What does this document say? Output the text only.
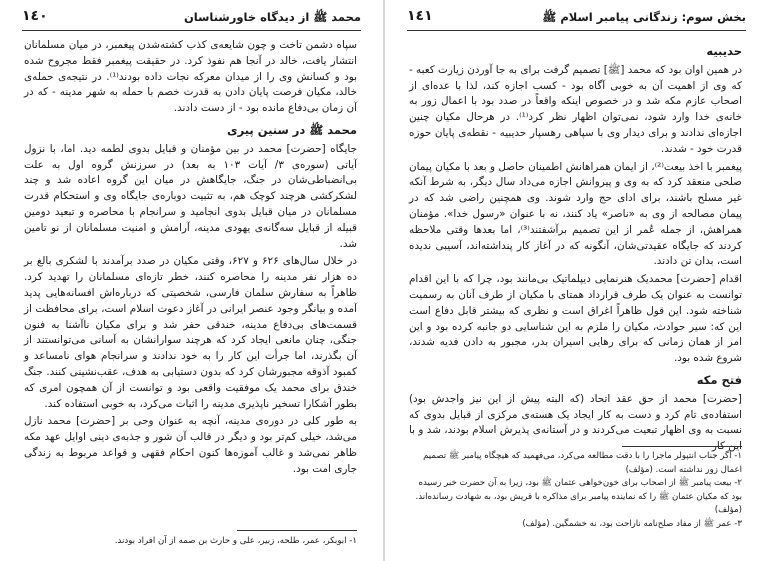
محمد ﷺ از دیدگاه خاورشناسان
١٤٠

سپاه دشمن تاخت و چون شایعه‌ی کذب کشته‌شدن پیغمبر، در میان مسلمانان انتشار یافت، خالد در آنجا هم نفوذ کرد. در حقیقت پیغمبر فقط مجروح شده بود و کسانش وی را از میدان معرکه نجات داده بودند⁽¹⁾. در نتیجه‌ی حمله‌ی خالد، مکیان فرصت پایان دادن به قدرت خصم با حمله به شهر مدینه - که در آن زمان بی‌دفاع مانده بود - از دست دادند.

محمد ﷺ در سنین پیری

جایگاه [حضرت] محمد در بین مؤمنان و قبایل بدوی لطمه دید. اما، با نزول آیاتی (سوره‌ی ٣/ آیات ١٠٣ به بعد) در سرزنش گروه اول به علت بی‌انضباطی‌شان در جنگ، جایگاهش در میان این گروه اعاده شد و چند لشکرکشی هرچند کوچک هم، به تثبیت دوباره‌ی جایگاه وی و استحکام قدرت مسلمانان در میان قبایل بدوی انجامید و سرانجام با محاصره و تبعید دومین قبیله از قبایل سه‌گانه‌ی یهودی مدینه، آرامش و امنیت مسلمانان از نو تامین شد.

در خلال سال‌های ۶۲۶ و ۶۲۷، وقتی مکیان در صدد برآمدند با لشکری بالغ بر ده هزار نفر مدینه را محاصره کنند، خطر تازه‌ای مسلمانان را تهدید کرد. ظاهراً به سفارش سلمان فارسی، شخصیتی که درباره‌اش افسانه‌هایی پدید آمده و بیانگر وجود عنصر ایرانی در آغاز دعوت اسلام است، برای محافظت از قسمت‌های بی‌دفاع مدینه، خندقی حفر شد و برای مکیان ناآشنا به فنون جنگی، چنان مانعی ایجاد کرد که هرچند سوارانشان به آسانی می‌توانستند از آن بگذرند، اما جرأت این کار را به خود ندادند و سرانجام هوای نامساعد و کمبود آذوقه مجبورشان کرد که بدون دستیابی به هدف، عقب‌نشینی کنند. جنگ خندق برای محمد یک موفقیت واقعی بود و توانست از آن همچون امری که بطور آشکارا تسخیر ناپذیری مدینه را اثبات می‌کرد، به خوبی استفاده کند.

به طور کلی در دوره‌ی مدینه، آنچه به عنوان وحی بر [حضرت] محمد نازل می‌شد، خیلی کم‌تر بود و دیگر در قالب آن شور و جذبه‌ی دینی اوایل عهد مکه ظاهر نمی‌شد و غالب آموزه‌ها کنون احکام فقهی و قواعد مربوط به زندگی جاری امت بود.

١- ابوبکر، عمر، طلحه، زبیر، علی و حارث بن صمه از آن افراد بودند.

بخش سوم: زندگانی پیامبر اسلام ﷺ
١٤١
حدیبیه

در همین اوان بود که محمد [ﷺ] تصمیم گرفت برای به جا آوردن زیارت کعبه - که وی از اهمیت آن به خوبی آگاه بود - کسب اجازه کند، لذا با عده‌ای از اصحاب عازم مکه شد و در خصوص اینکه واقعاً در صدد بود با اعمال زور به خانه‌ی خدا وارد شود، نمی‌توان اظهار نظر کرد⁽¹⁾. در هرحال مکیان چنین اجازه‌ای ندادند و برای دیدار وی با سپاهی رهسپار حدیبیه - نقطه‌ی پایان حوزه قدرت خود - شدند.

پیغمبر با اخذ بیعت⁽²⁾، از ایمان همراهانش اطمینان حاصل و بعد با مکیان پیمان صلحی منعقد کرد که به وی و پیروانش اجازه می‌داد سال دیگر، به شرط آنکه غیر مسلح باشند، برای ادای حج وارد شوند. وی همچنین راضی شد که در پیمان مصالحه از وی به «ناصر» یاد کنند، نه با عنوان «رسول خدا». مؤمنان همراهش، از جمله عُمر از این تصمیم برآشفتند⁽³⁾، اما بعدها وقتی ملاحظه کردند که جایگاه عقیدتی‌شان، آنگونه که در آغاز کار پنداشته‌اند، آسیبی ندیده است، بدان تن دادند.

اقدام [حضرت] محمدیک هنرنمایی دیپلماتیک بی‌مانند بود، چرا که با این اقدام توانست به عنوان یک طرف قرارداد همتای با مکیان از طرف آنان به رسمیت شناخته شود. این قول ظاهراً اغراق است و نظری که بیشتر قابل دفاع است این که: سیر حوادث، مکیان را ملزم به این شناسایی دو جانبه کرده بود و این امر از همان زمانی که برای رهایی اسیران بدر، مجبور به دادن فدیه شدند، شروع شده بود.

فتح مکه

[حضرت] محمد از حق عقد اتحاد (که البته پیش از این نیز واجدش بود) استفاده‌ی تام کرد و دست به کار ایجاد یک هسته‌ی مرکزی از قبایل بدوی که نسبت به وی اظهار تبعیت می‌کردند و در آستانه‌ی پذیرش اسلام بودند، شد و با این کار

١- اگر جناب انتپولر ماجرا را با دقت مطالعه می‌کرد، می‌فهمید که هیچگاه پیامبر ﷺ تصمیم اعمال زور نداشته است. (مؤلف)

٢- بیعت پیامبر ﷺ از اصحاب برای خون‌خواهی عثمان ﷺ بود، زیرا به آن حضرت خبر رسیده بود که مکیان عثمان ﷺ را که نماینده پیامبر برای مذاکره با قریش بود، به شهادت رسانده‌اند. (مؤلف)

٣- عمر ﷺ از مفاد صلح‌نامه ناراحت بود، نه خشمگین. (مؤلف)
